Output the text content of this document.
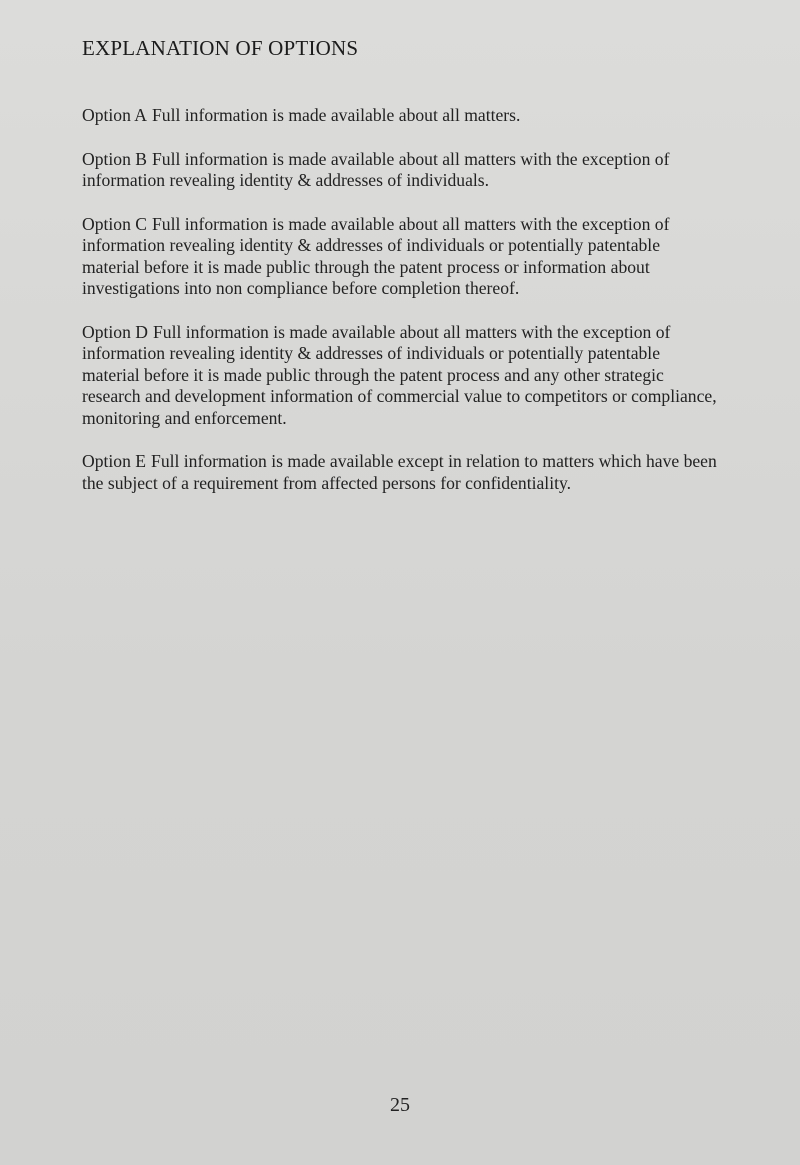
EXPLANATION OF OPTIONS

Option A Full information is made available about all matters.

Option B Full information is made available about all matters with the exception of information revealing identity & addresses of individuals.

Option C Full information is made available about all matters with the exception of information revealing identity & addresses of individuals or potentially patentable material before it is made public through the patent process or information about investigations into non compliance before completion thereof.

Option D Full information is made available about all matters with the exception of information revealing identity & addresses of individuals or potentially patentable material before it is made public through the patent process and any other strategic research and development information of commercial value to competitors or compliance, monitoring and enforcement.

Option E Full information is made available except in relation to matters which have been the subject of a requirement from affected persons for confidentiality.

25
